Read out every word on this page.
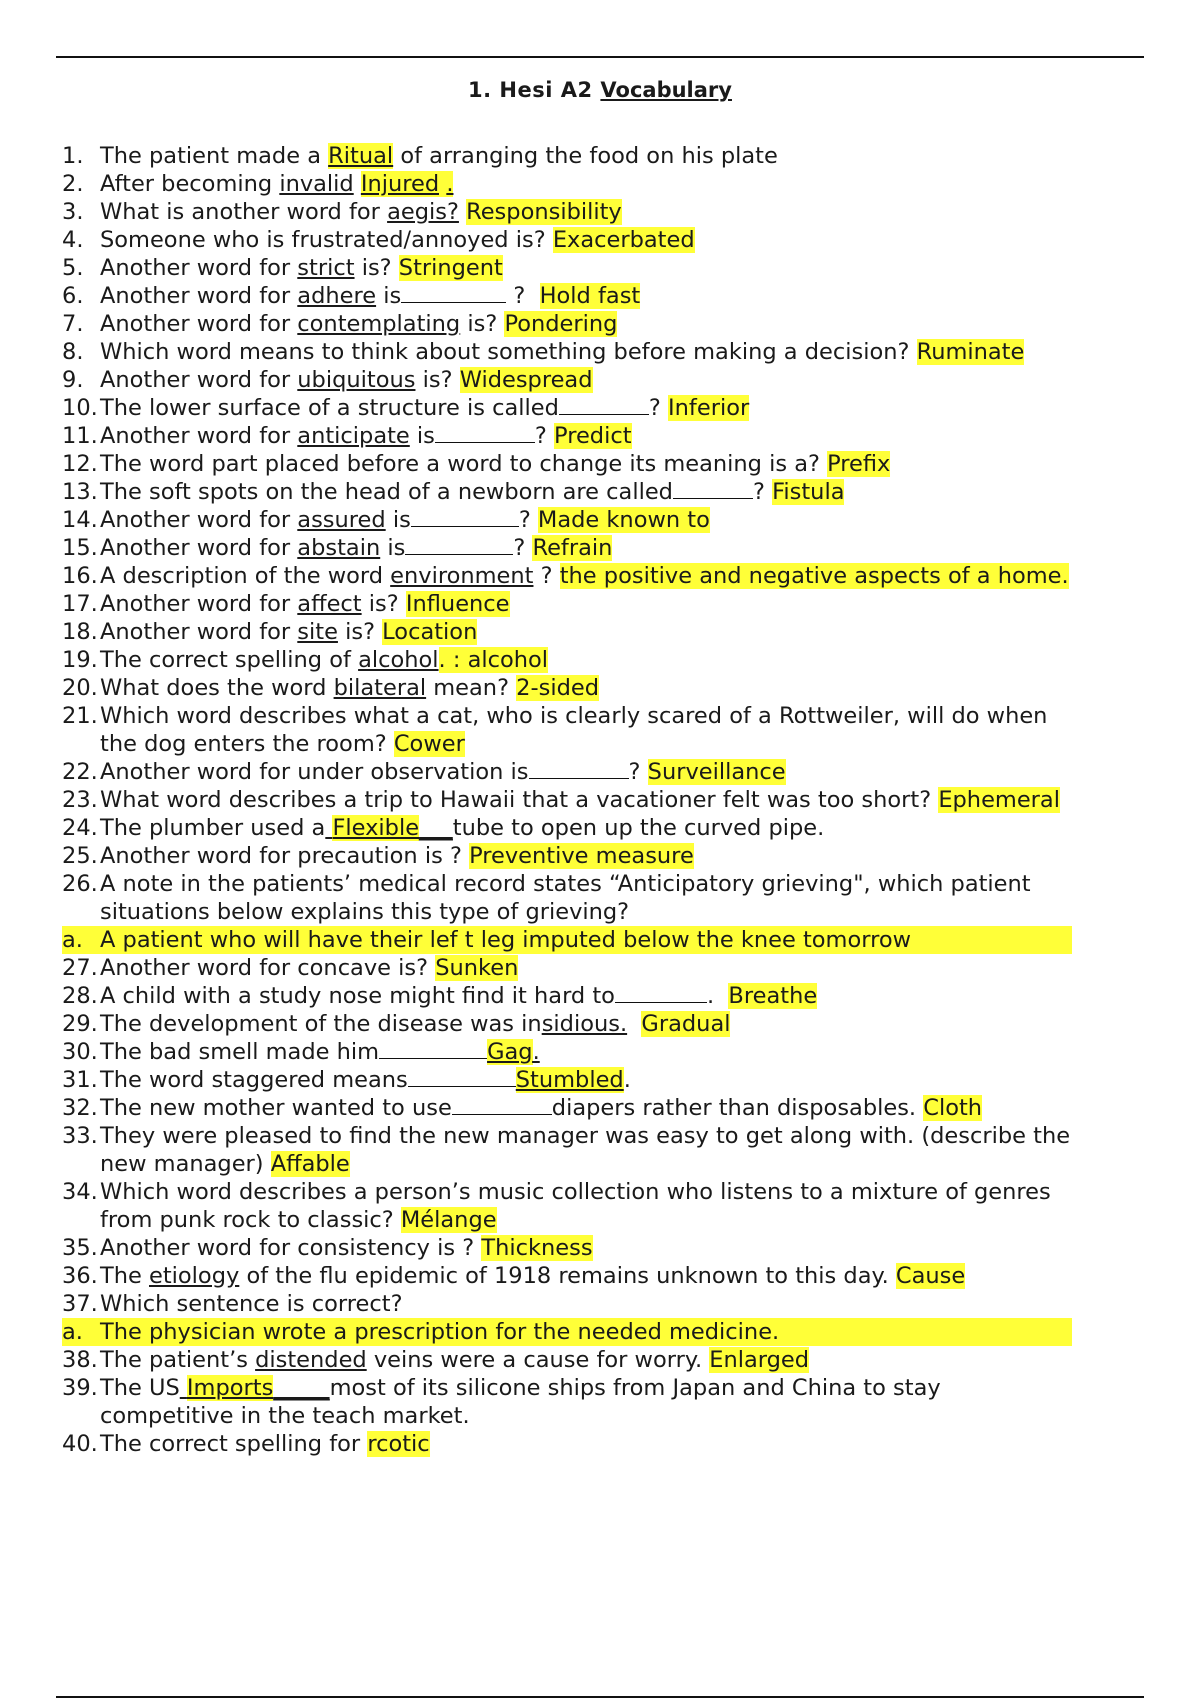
1. Hesi A2 Vocabulary
1. The patient made a Ritual of arranging the food on his plate
2. After becoming invalid Injured .
3. What is another word for aegis? Responsibility
4. Someone who is frustrated/annoyed is? Exacerbated
5. Another word for strict is? Stringent
6. Another word for adhere is	?  Hold fast
7. Another word for contemplating is? Pondering
8. Which word means to think about something before making a decision? Ruminate
9. Another word for ubiquitous is? Widespread
10. The lower surface of a structure is called	? Inferior
11. Another word for anticipate is	? Predict
12. The word part placed before a word to change its meaning is a? Prefix
13. The soft spots on the head of a newborn are called	? Fistula
14. Another word for assured is	? Made known to
15. Another word for abstain is	? Refrain
16. A description of the word environment ? the positive and negative aspects of a home.
17. Another word for affect is? Influence
18. Another word for site is? Location
19. The correct spelling of alcohol. : alcohol
20. What does the word bilateral mean? 2-sided
21. Which word describes what a cat, who is clearly scared of a Rottweiler, will do when the dog enters the room? Cower
22. Another word for under observation is	? Surveillance
23. What word describes a trip to Hawaii that a vacationer felt was too short? Ephemeral
24. The plumber used a Flexible___tube to open up the curved pipe.
25. Another word for precaution is ? Preventive measure
26. A note in the patients’ medical record states “Anticipatory grieving", which patient situations below explains this type of grieving?
a. A patient who will have their lef t leg imputed below the knee tomorrow
27. Another word for concave is? Sunken
28. A child with a study nose might find it hard to	.  Breathe
29. The development of the disease was insidious. Gradual
30. The bad smell made him	Gag.
31. The word staggered means	Stumbled.
32. The new mother wanted to use	diapers rather than disposables. Cloth
33. They were pleased to find the new manager was easy to get along with. (describe the new manager) Affable
34. Which word describes a person’s music collection who listens to a mixture of genres from punk rock to classic? Mélange
35. Another word for consistency is ? Thickness
36. The etiology of the flu epidemic of 1918 remains unknown to this day. Cause
37. Which sentence is correct?
a. The physician wrote a prescription for the needed medicine.
38. The patient’s distended veins were a cause for worry. Enlarged
39. The US Imports_____most of its silicone ships from Japan and China to stay competitive in the teach market.
40. The correct spelling for rcotic
